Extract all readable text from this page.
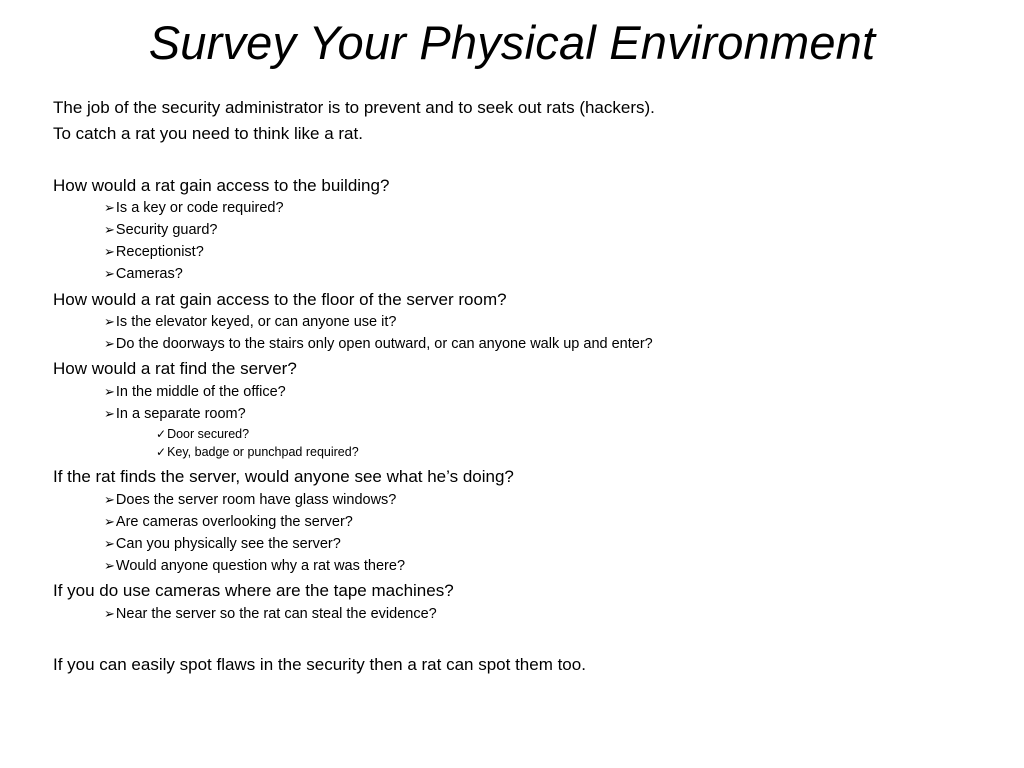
Survey Your Physical Environment
The job of the security administrator is to prevent and to seek out rats (hackers).
To catch a rat you need to think like a rat.
How would a rat gain access to the building?
➢Is a key or code required?
➢Security guard?
➢Receptionist?
➢Cameras?
How would a rat gain access to the floor of the server room?
➢Is the elevator keyed, or can anyone use it?
➢Do the doorways to the stairs only open outward, or can anyone walk up and enter?
How would a rat find the server?
➢In the middle of the office?
➢In a separate room?
✓Door secured?
✓Key, badge or punchpad required?
If the rat finds the server, would anyone see what he’s doing?
➢Does the server room have glass windows?
➢Are cameras overlooking the server?
➢Can you physically see the server?
➢Would anyone question why a rat was there?
If you do use cameras where are the tape machines?
➢Near the server so the rat can steal the evidence?
If you can easily spot flaws in the security then a rat can spot them too.
